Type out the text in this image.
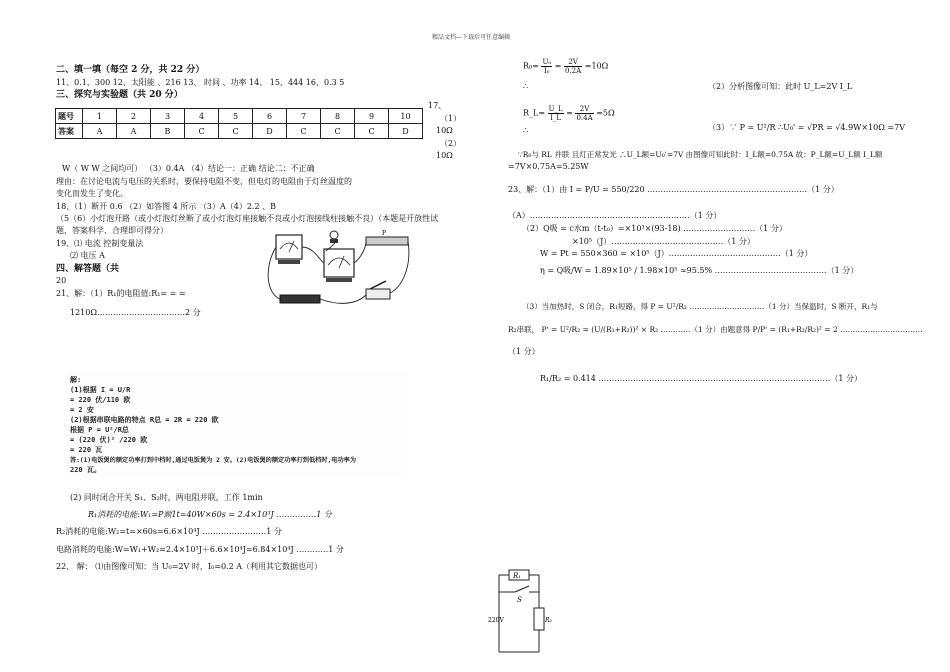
精品文档---下载后可任意编辑
二、填一填（每空 2 分，共 22 分）
11、0.1、300 12、太阳能 、216 13、 时间 、功率 14、 15、444 16、0.3 5
三、探究与实验题（共 20 分）
题号	1	2	3	4	5	6	7	8	9	10
答案	A	A	B	C	C	D	C	C	C	D
17、
（1）
10Ω
（2）
10Ω
W（ W W 之间均可） （3）0.4A （4）结论一：正确 结论二：不正确
理由：在讨论电流与电压的关系时，要保持电阻不变，但电灯的电阻由于灯丝温度的
变化而发生了变化。
18、（1）断开 0.6 （2）如答图 4 所示 （3）A（4）2.2 、B
（5（6）小灯泡开路（或小灯泡灯丝断了或小灯泡灯座接触不良或小灯泡接线柱接触不良）（本题是开放性试
题，答案科学、合理即可得分）
19、⑴ 电流 控制变量法
⑵ 电压 A
四、解答题（共
20
21、解：（1）R₁的电阻值:R₁= = =
1210Ω……………………………2 分
P
解:
(1)根据 I = U/R
= 220 伏/110 欧
= 2 安
(2)根据串联电路的特点 R总 = 2R = 220 欧
根据 P = U²/R总
= (220 伏)² /220 欧
= 220 瓦
答:(1)电饭煲的额定功率打到中档时,通过电饭煲为 2 安。(2)电饭煲的额定功率打到低档时,电功率为
220 瓦。
(2) 同时闭合开关 S₁、S₂时，两电阻并联，工作 1min
R₁消耗的电能:W₁=P额1t=40W×60s = 2.4×10³J ……………1 分
R₂消耗的电能:W₂=t=×60s=6.6×10⁴J ……………………1 分
电路消耗的电能:W=W₁+W₂=2.4×10³J＋6.6×10⁴J=6.84×10⁴J …………1 分
22、 解： ⑴由图像可知：当 U₀=2V 时，I₀=0.2 A（利用其它数据也可）
$R_0= \frac{\text{U₀}}{\text{I₀}} = \frac{2V}{0.2A} =10\Omega$
∴	（2）分析图像可知：此时 U_L=2V I_L
R_L= $\frac{U\_L}{I\_L} = \frac{2V}{0.4A} =5\Omega$
∴	（3）∵ P = U²/R ∴U₀' = √PR = √4.9W×10Ω =7V
∵R₀与 RL 并联 且灯正常发光 ∴U_L额=U₀'=7V 由图像可知此时：I_L额=0.75A 故：P_L额=U_L额 I_L额
=7V×0.75A=5.25W
23、解：（1）由 I = P/U = 550/220 ……………………………………………………（1 分）
（A）……………………………………………………（1 分）
（2）Q吸 = c水m（t-t₀）=×10³×(93-18) ………………………（1 分）
×10⁵（J）……………………………………（1 分）
W = Pt = 550×360 = ×10⁵（J）……………………………………（1 分）
η = Q吸/W = 1.89×10⁵ / 1.98×10⁵ ≈95.5% ……………………………………（1 分）
（3）当加热时，S 闭合，R₁短路，得 P = U²/R₂ …………………………（1 分）当保温时，S 断开，R₁与
R₂串联， P' = U²/R₂ = (U/(R₁+R₂))² × R₂ …………（1 分）由题意得 P/P' = (R₁+R₂/R₂)² = 2 ……………………………
（1 分）
R₁/R₂ = 0.414 ……………………………………………………………………………（1 分）
R₁
S
R₂
220V
